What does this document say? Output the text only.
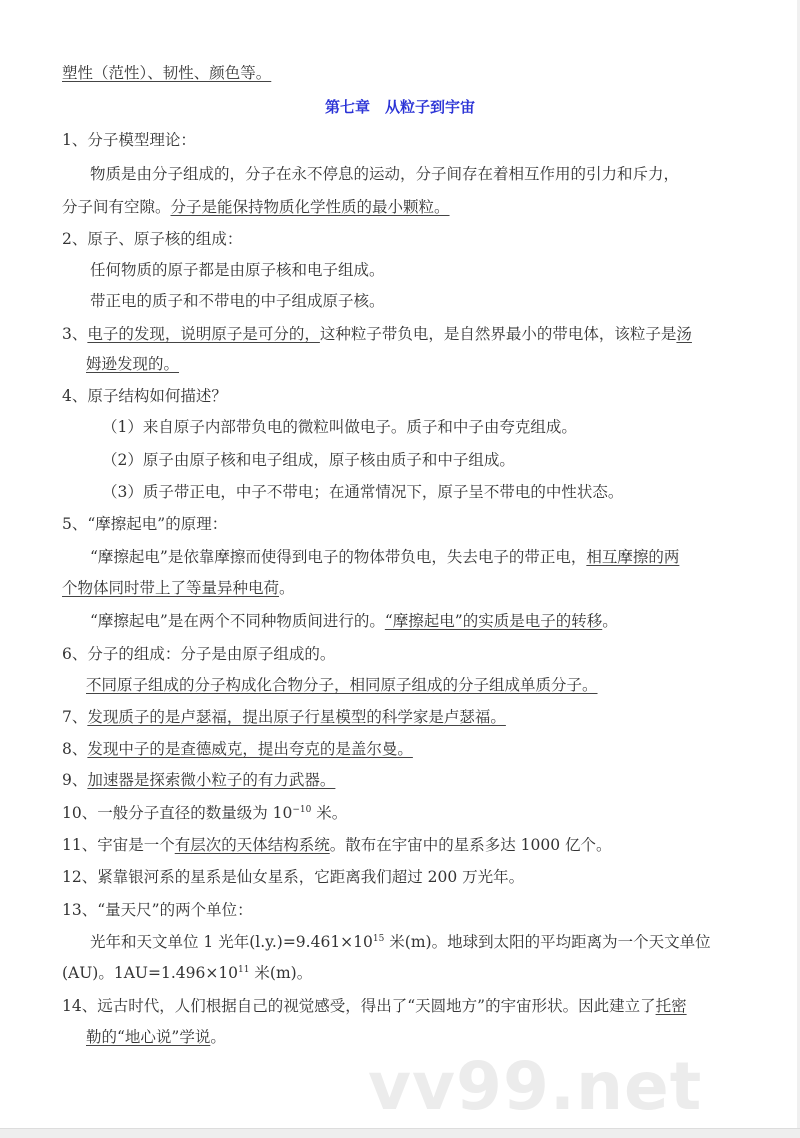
塑性（范性）、韧性、颜色等。
第七章　从粒子到宇宙
1、分子模型理论：
物质是由分子组成的，分子在永不停息的运动，分子间存在着相互作用的引力和斥力，
分子间有空隙。分子是能保持物质化学性质的最小颗粒。
2、原子、原子核的组成：
任何物质的原子都是由原子核和电子组成。
带正电的质子和不带电的中子组成原子核。
3、电子的发现，说明原子是可分的，这种粒子带负电，是自然界最小的带电体，该粒子是汤
姆逊发现的。
4、原子结构如何描述？
（1）来自原子内部带负电的微粒叫做电子。质子和中子由夸克组成。
（2）原子由原子核和电子组成，原子核由质子和中子组成。
（3）质子带正电，中子不带电；在通常情况下，原子呈不带电的中性状态。
5、“摩擦起电”的原理：
“摩擦起电”是依靠摩擦而使得到电子的物体带负电，失去电子的带正电，相互摩擦的两
个物体同时带上了等量异种电荷。
“摩擦起电”是在两个不同种物质间进行的。“摩擦起电”的实质是电子的转移。
6、分子的组成：分子是由原子组成的。
不同原子组成的分子构成化合物分子，相同原子组成的分子组成单质分子。
7、发现质子的是卢瑟福，提出原子行星模型的科学家是卢瑟福。
8、发现中子的是查德威克，提出夸克的是盖尔曼。
9、加速器是探索微小粒子的有力武器。
10、一般分子直径的数量级为 $10^{-10}$ 米。
11、宇宙是一个有层次的天体结构系统。散布在宇宙中的星系多达 1000 亿个。
12、紧靠银河系的星系是仙女星系，它距离我们超过 200 万光年。
13、“量天尺”的两个单位：
光年和天文单位 1 光年$(l.y.)=9.461\times 10^{15}$ 米(m)。地球到太阳的平均距离为一个天文单位
(AU)。$1AU=1.496\times 10^{11}$ 米(m)。
14、远古时代，人们根据自己的视觉感受，得出了“天圆地方”的宇宙形状。因此建立了托密
勒的“地心说”学说。
vv99.net
